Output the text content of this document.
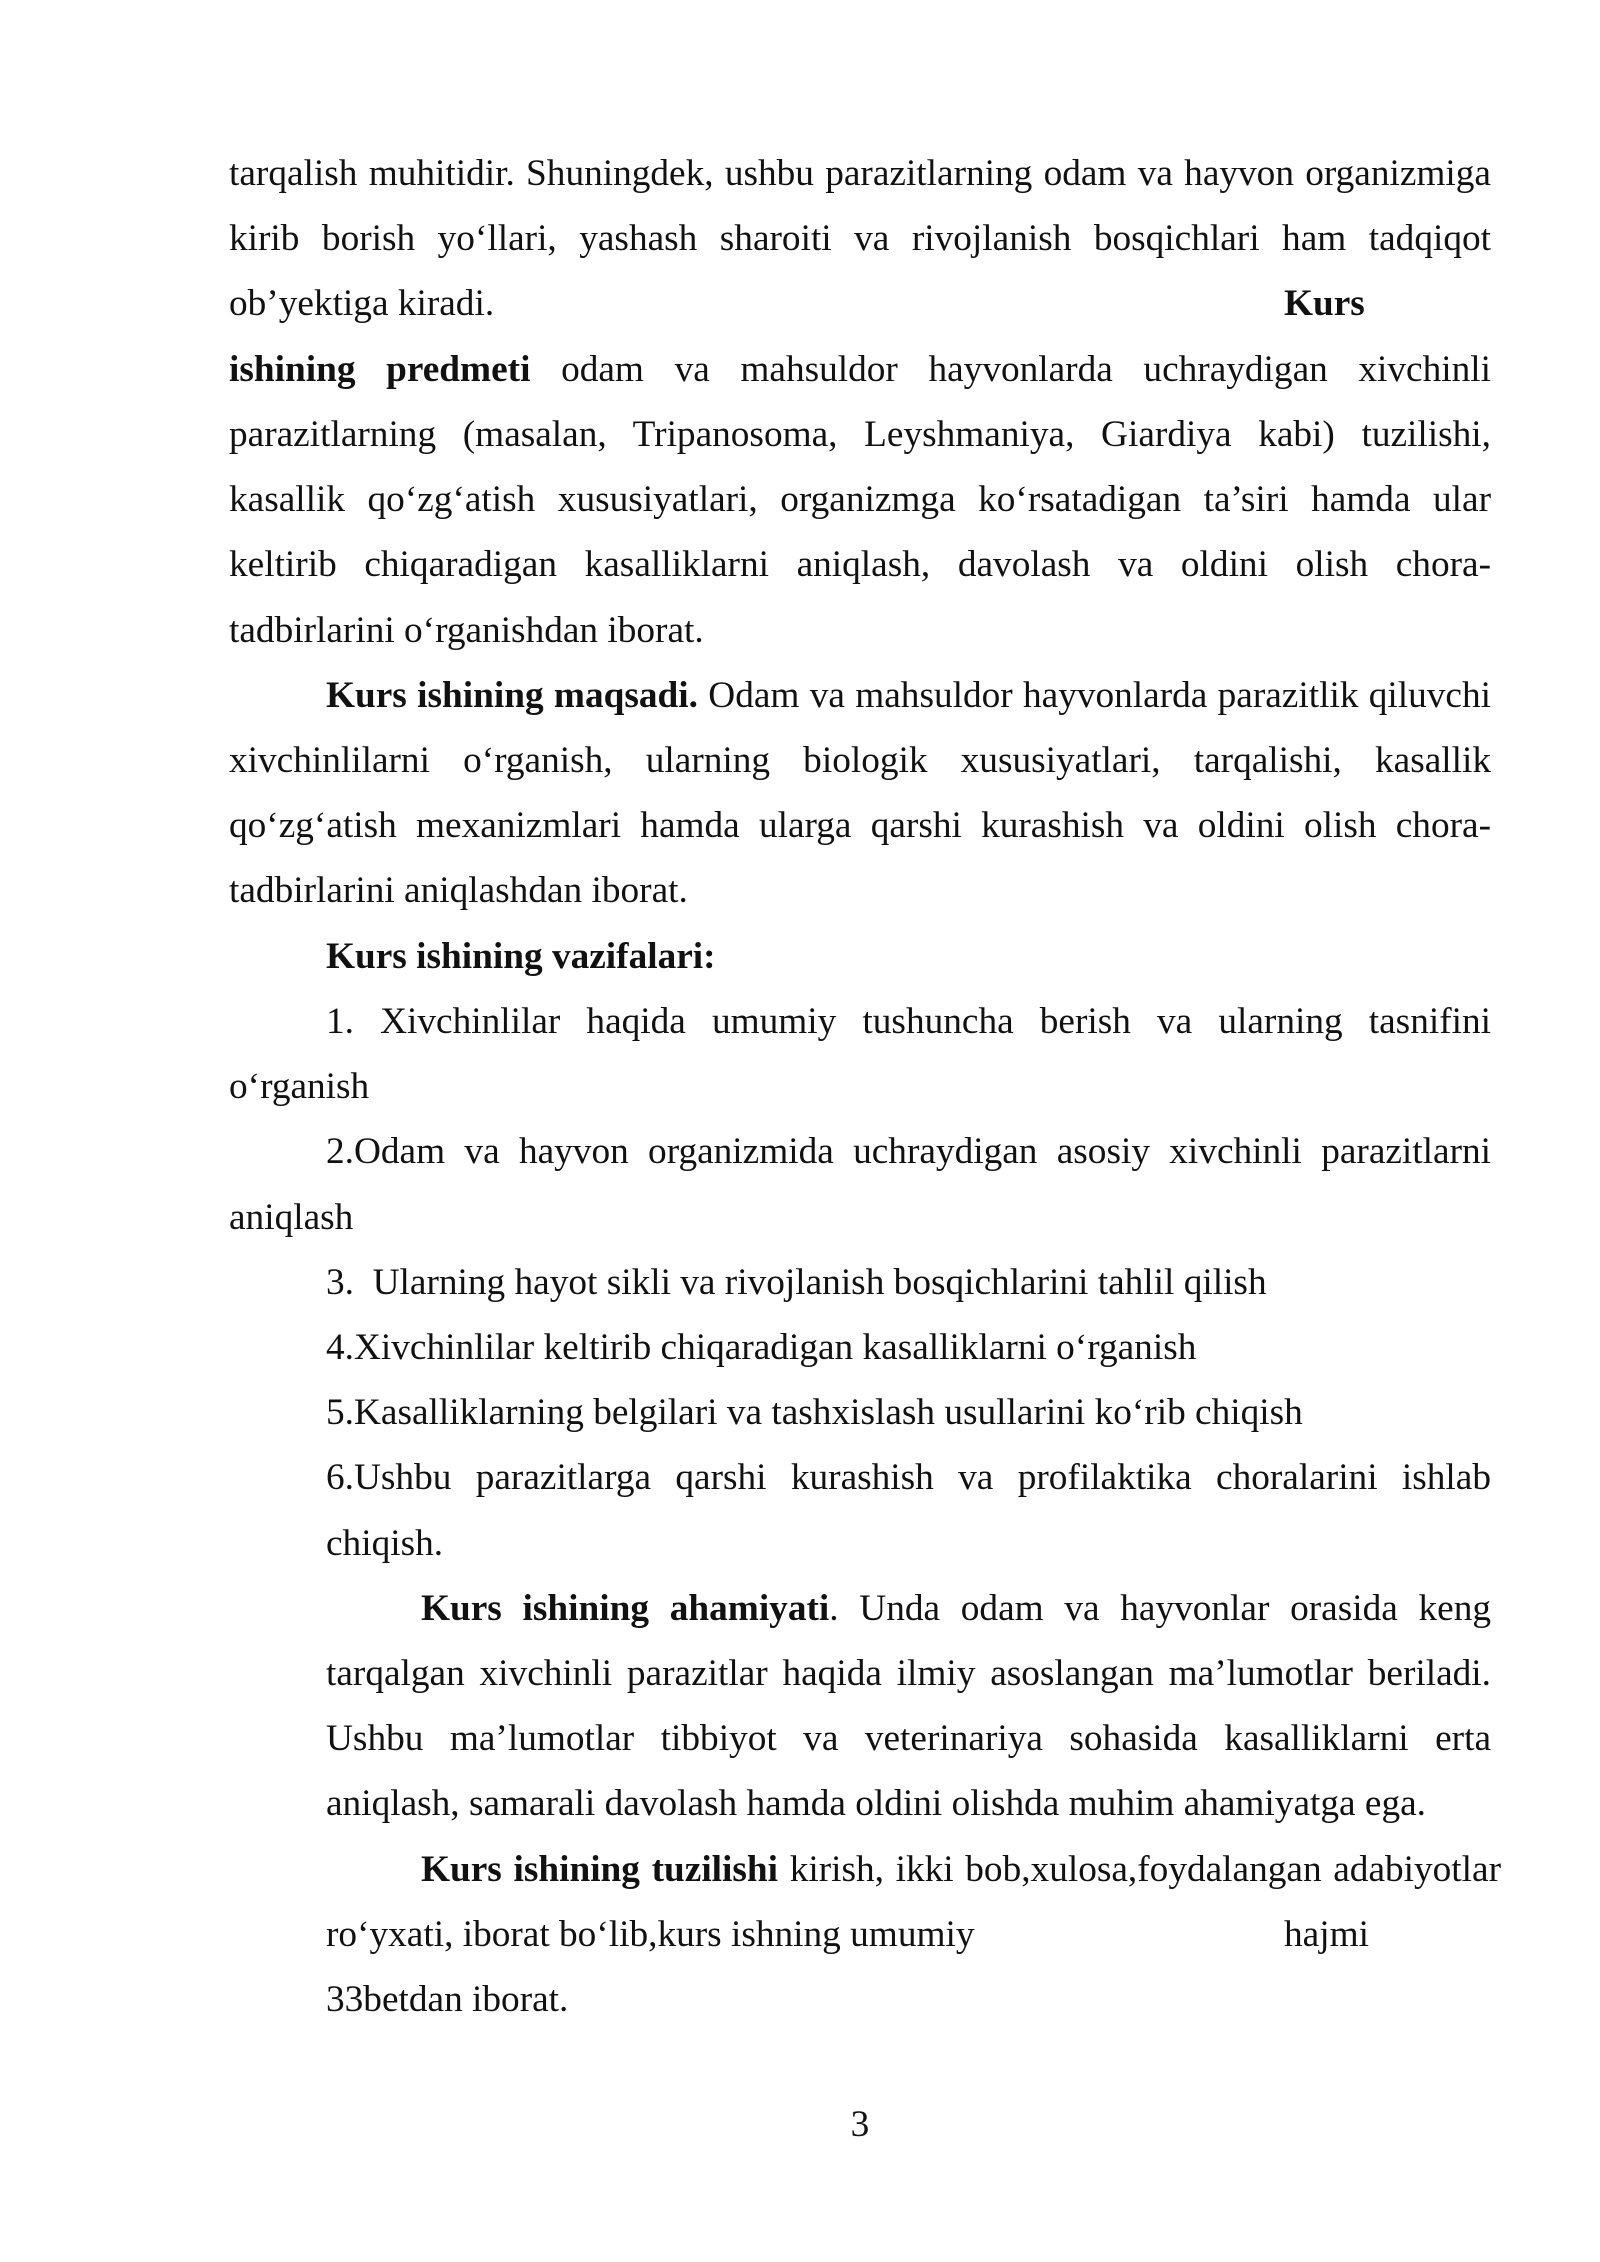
tarqalish muhitidir. Shuningdek, ushbu parazitlarning odam va hayvon organizmiga
kirib borish yo‘llari, yashash sharoiti va rivojlanish bosqichlari ham tadqiqot
ob’yektiga kiradi.	Kurs
ishining predmeti odam va mahsuldor hayvonlarda uchraydigan xivchinli
parazitlarning (masalan, Tripanosoma, Leyshmaniya, Giardiya kabi) tuzilishi,
kasallik qo‘zg‘atish xususiyatlari, organizmga ko‘rsatadigan ta’siri hamda ular
keltirib chiqaradigan kasalliklarni aniqlash, davolash va oldini olish chora-
tadbirlarini o‘rganishdan iborat.
Kurs ishining maqsadi. Odam va mahsuldor hayvonlarda parazitlik qiluvchi
xivchinlilarni o‘rganish, ularning biologik xususiyatlari, tarqalishi, kasallik
qo‘zg‘atish mexanizmlari hamda ularga qarshi kurashish va oldini olish chora-
tadbirlarini aniqlashdan iborat.
Kurs ishining vazifalari:
1. Xivchinlilar haqida umumiy tushuncha berish va ularning tasnifini
o‘rganish
2.Odam va hayvon organizmida uchraydigan asosiy xivchinli parazitlarni
aniqlash
3.  Ularning hayot sikli va rivojlanish bosqichlarini tahlil qilish
4.Xivchinlilar keltirib chiqaradigan kasalliklarni o‘rganish
5.Kasalliklarning belgilari va tashxislash usullarini ko‘rib chiqish
6.Ushbu parazitlarga qarshi kurashish va profilaktika choralarini ishlab
chiqish.
Kurs ishining ahamiyati. Unda odam va hayvonlar orasida keng
tarqalgan xivchinli parazitlar haqida ilmiy asoslangan ma’lumotlar beriladi.
Ushbu ma’lumotlar tibbiyot va veterinariya sohasida kasalliklarni erta
aniqlash, samarali davolash hamda oldini olishda muhim ahamiyatga ega.
Kurs ishining tuzilishi kirish, ikki bob,xulosa,foydalangan adabiyotlar
ro‘yxati, iborat bo‘lib,kurs ishning umumiy	hajmi
33betdan iborat.
3
